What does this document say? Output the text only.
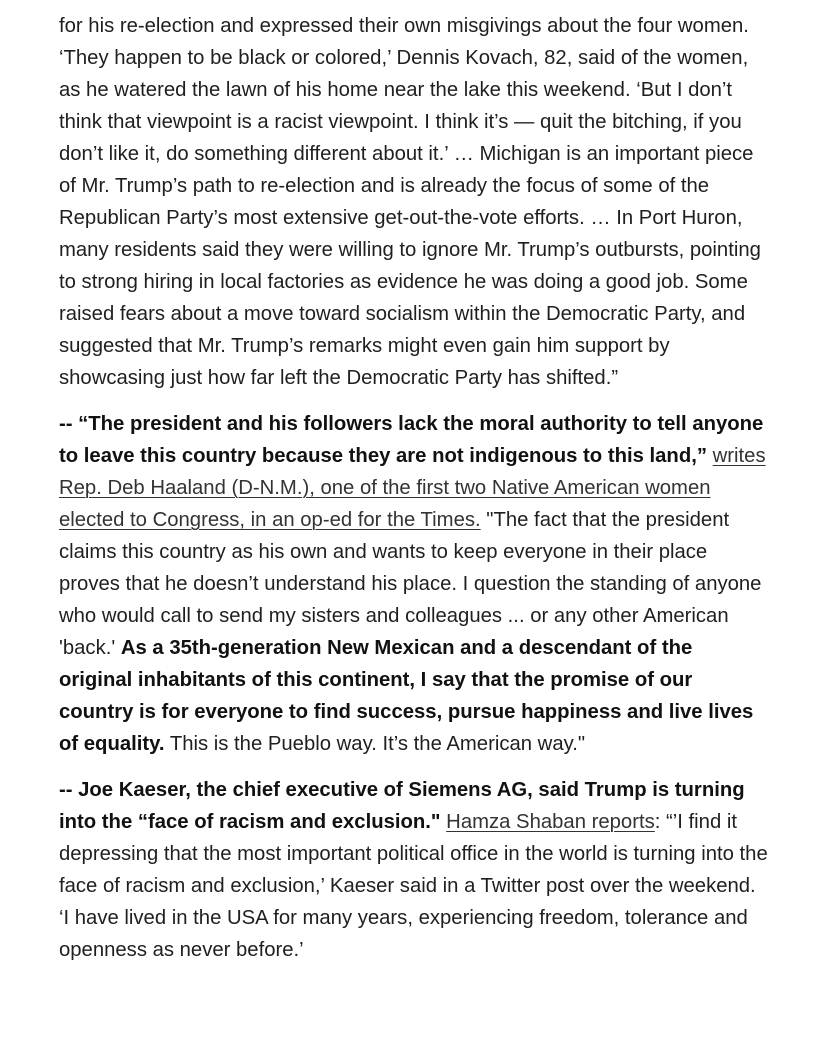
for his re-election and expressed their own misgivings about the four women. ‘They happen to be black or colored,’ Dennis Kovach, 82, said of the women, as he watered the lawn of his home near the lake this weekend. ‘But I don’t think that viewpoint is a racist viewpoint. I think it’s — quit the bitching, if you don’t like it, do something different about it.’ … Michigan is an important piece of Mr. Trump’s path to re-election and is already the focus of some of the Republican Party’s most extensive get-out-the-vote efforts. … In Port Huron, many residents said they were willing to ignore Mr. Trump’s outbursts, pointing to strong hiring in local factories as evidence he was doing a good job. Some raised fears about a move toward socialism within the Democratic Party, and suggested that Mr. Trump’s remarks might even gain him support by showcasing just how far left the Democratic Party has shifted.”

-- “The president and his followers lack the moral authority to tell anyone to leave this country because they are not indigenous to this land,” writes Rep. Deb Haaland (D-N.M.), one of the first two Native American women elected to Congress, in an op-ed for the Times. "The fact that the president claims this country as his own and wants to keep everyone in their place proves that he doesn’t understand his place. I question the standing of anyone who would call to send my sisters and colleagues ... or any other American 'back.' As a 35th-generation New Mexican and a descendant of the original inhabitants of this continent, I say that the promise of our country is for everyone to find success, pursue happiness and live lives of equality. This is the Pueblo way. It’s the American way."

-- Joe Kaeser, the chief executive of Siemens AG, said Trump is turning into the “face of racism and exclusion." Hamza Shaban reports: “’I find it depressing that the most important political office in the world is turning into the face of racism and exclusion,’ Kaeser said in a Twitter post over the weekend. ‘I have lived in the USA for many years, experiencing freedom, tolerance and openness as never before.’
